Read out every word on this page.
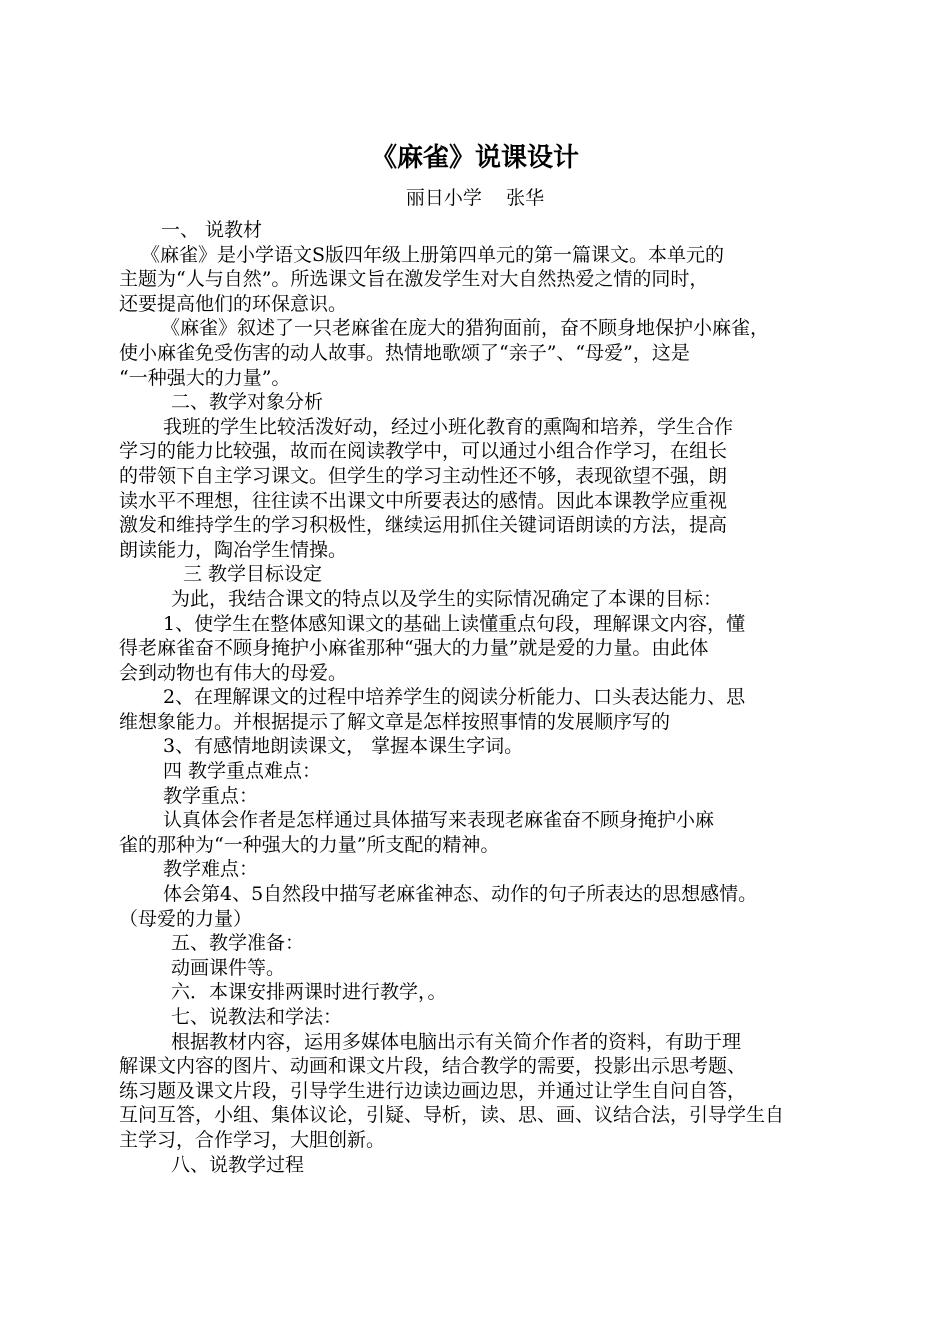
《麻雀》说课设计
丽日小学    张华

一、 说教材

《麻雀》是小学语文S版四年级上册第四单元的第一篇课文。本单元的

主题为“人与自然”。所选课文旨在激发学生对大自然热爱之情的同时，

还要提高他们的环保意识。

《麻雀》叙述了一只老麻雀在庞大的猎狗面前，奋不顾身地保护小麻雀，

使小麻雀免受伤害的动人故事。热情地歌颂了“亲子”、“母爱”，这是

“一种强大的力量”。

二、教学对象分析

我班的学生比较活泼好动，经过小班化教育的熏陶和培养，学生合作

学习的能力比较强，故而在阅读教学中，可以通过小组合作学习，在组长

的带领下自主学习课文。但学生的学习主动性还不够，表现欲望不强，朗

读水平不理想，往往读不出课文中所要表达的感情。因此本课教学应重视

激发和维持学生的学习积极性，继续运用抓住关键词语朗读的方法，提高

朗读能力，陶冶学生情操。

三 教学目标设定

为此，我结合课文的特点以及学生的实际情况确定了本课的目标：

1、使学生在整体感知课文的基础上读懂重点句段，理解课文内容，懂

得老麻雀奋不顾身掩护小麻雀那种“强大的力量”就是爱的力量。由此体

会到动物也有伟大的母爱。

2、在理解课文的过程中培养学生的阅读分析能力、口头表达能力、思

维想象能力。并根据提示了解文章是怎样按照事情的发展顺序写的

3、有感情地朗读课文， 掌握本课生字词。

四 教学重点难点：

教学重点：

认真体会作者是怎样通过具体描写来表现老麻雀奋不顾身掩护小麻

雀的那种为“一种强大的力量”所支配的精神。

教学难点：

体会第4、5自然段中描写老麻雀神态、动作的句子所表达的思想感情。

（母爱的力量）

五、教学准备：

动画课件等。

六．本课安排两课时进行教学，。

七、说教法和学法：

根据教材内容，运用多媒体电脑出示有关简介作者的资料，有助于理

解课文内容的图片、动画和课文片段，结合教学的需要，投影出示思考题、

练习题及课文片段，引导学生进行边读边画边思，并通过让学生自问自答，

互问互答，小组、集体议论，引疑、导析，读、思、画、议结合法，引导学生自

主学习，合作学习，大胆创新。

八、说教学过程
